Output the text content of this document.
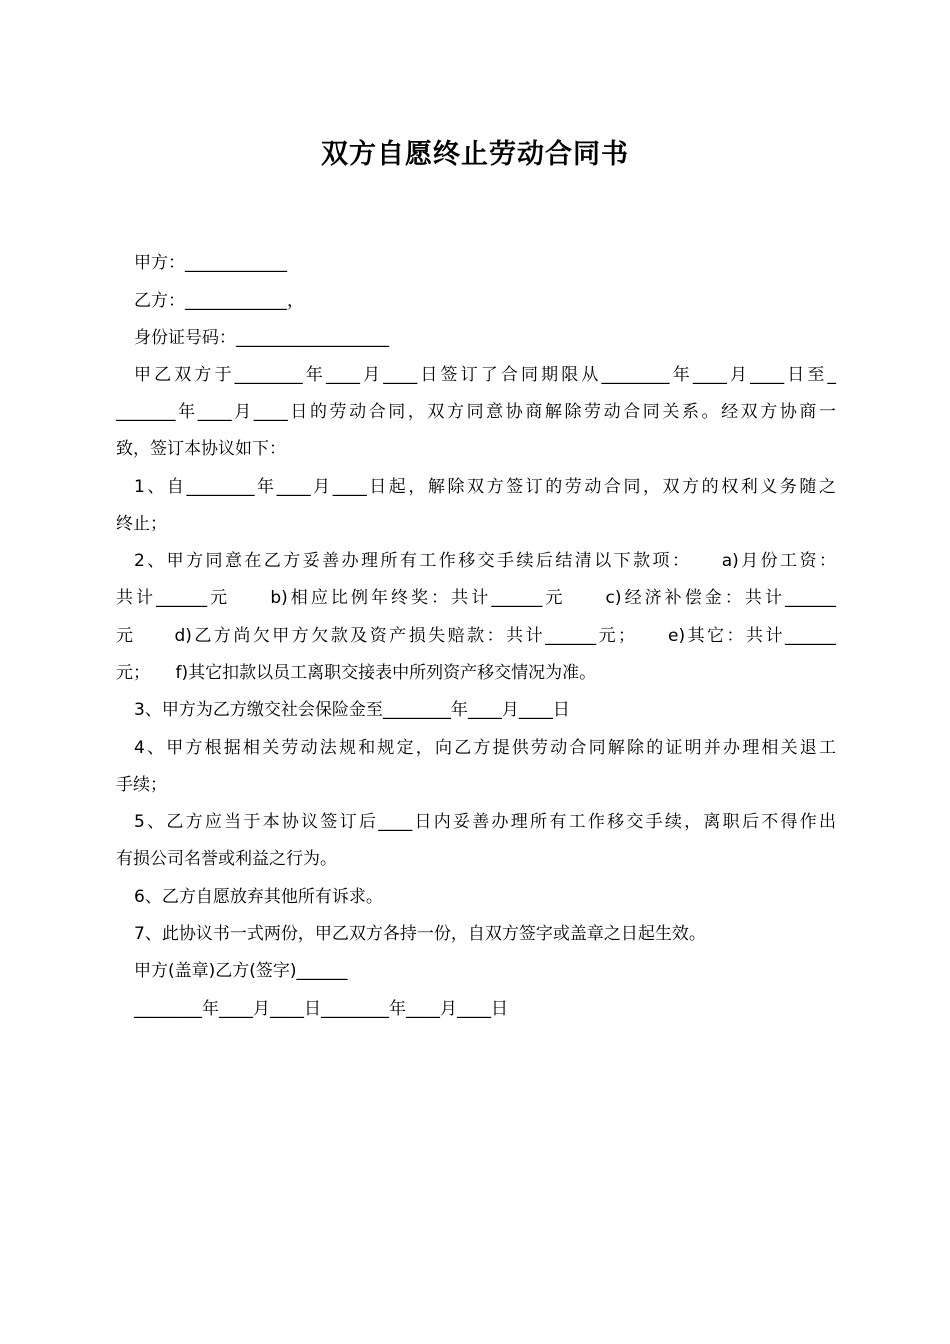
双方自愿终止劳动合同书
甲方：____________
乙方：____________，
身份证号码：__________________
甲乙双方于________年____月____日签订了合同期限从________年____月____日至_
_______年____月____日的劳动合同，双方同意协商解除劳动合同关系。经双方协商一
致，签订本协议如下：
1、自________年____月____日起，解除双方签订的劳动合同，双方的权利义务随之
终止；
2、甲方同意在乙方妥善办理所有工作移交手续后结清以下款项：　　a)月份工资：
共计______元　　b)相应比例年终奖：共计______元　　c)经济补偿金：共计______
元　　d)乙方尚欠甲方欠款及资产损失赔款：共计______元；　　e)其它：共计______
元；　　f)其它扣款以员工离职交接表中所列资产移交情况为准。
3、甲方为乙方缴交社会保险金至________年____月____日
4、甲方根据相关劳动法规和规定，向乙方提供劳动合同解除的证明并办理相关退工
手续；
5、乙方应当于本协议签订后____日内妥善办理所有工作移交手续，离职后不得作出
有损公司名誉或利益之行为。
6、乙方自愿放弃其他所有诉求。
7、此协议书一式两份，甲乙双方各持一份，自双方签字或盖章之日起生效。
甲方(盖章)乙方(签字)______
________年____月____日________年____月____日
